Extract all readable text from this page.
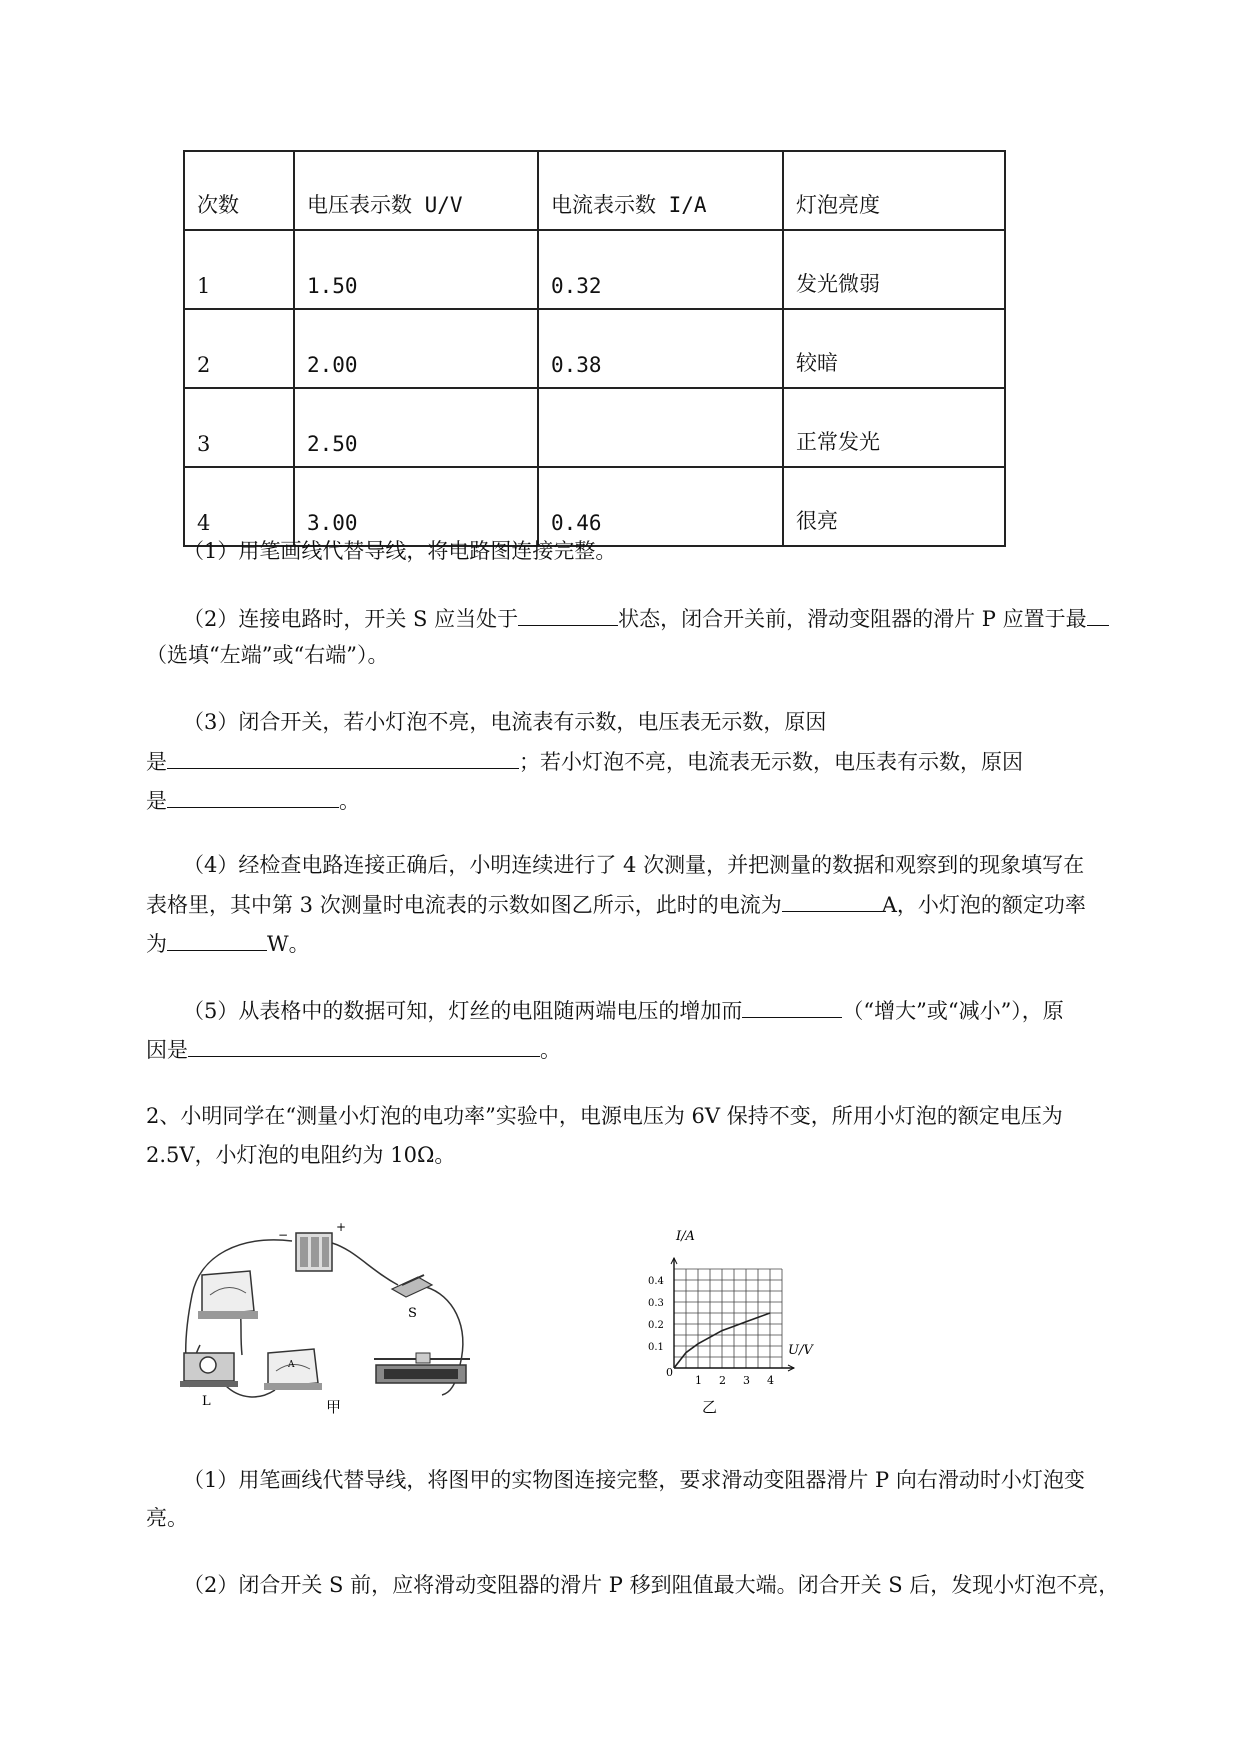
次数	电压表示数 U/V	电流表示数 I/A	灯泡亮度
1	1.50	0.32	发光微弱
2	2.00	0.38	较暗
3	2.50		正常发光
4	3.00	0.46	很亮
（1）用笔画线代替导线，将电路图连接完整。
（2）连接电路时，开关 S 应当处于	状态，闭合开关前，滑动变阻器的滑片 P 应置于最
（选填“左端”或“右端”）。
（3）闭合开关，若小灯泡不亮，电流表有示数，电压表无示数，原因
是	；若小灯泡不亮，电流表无示数，电压表有示数，原因
是	。
（4）经检查电路连接正确后，小明连续进行了 4 次测量，并把测量的数据和观察到的现象填写在
表格里，其中第 3 次测量时电流表的示数如图乙所示，此时的电流为	A，小灯泡的额定功率
为	W。
（5）从表格中的数据可知，灯丝的电阻随两端电压的增加而	（“增大”或“减小”），原
因是	。
2、小明同学在“测量小灯泡的电功率”实验中，电源电压为 6V 保持不变，所用小灯泡的额定电压为
2.5V，小灯泡的电阻约为 10Ω。
−
+
S
L
A
甲
1 2 3 4
0.1
0.2
0.3
0.4
I/A
U/V
0
乙
（1）用笔画线代替导线，将图甲的实物图连接完整，要求滑动变阻器滑片 P 向右滑动时小灯泡变
亮。
（2）闭合开关 S 前，应将滑动变阻器的滑片 P 移到阻值最大端。闭合开关 S 后，发现小灯泡不亮，
